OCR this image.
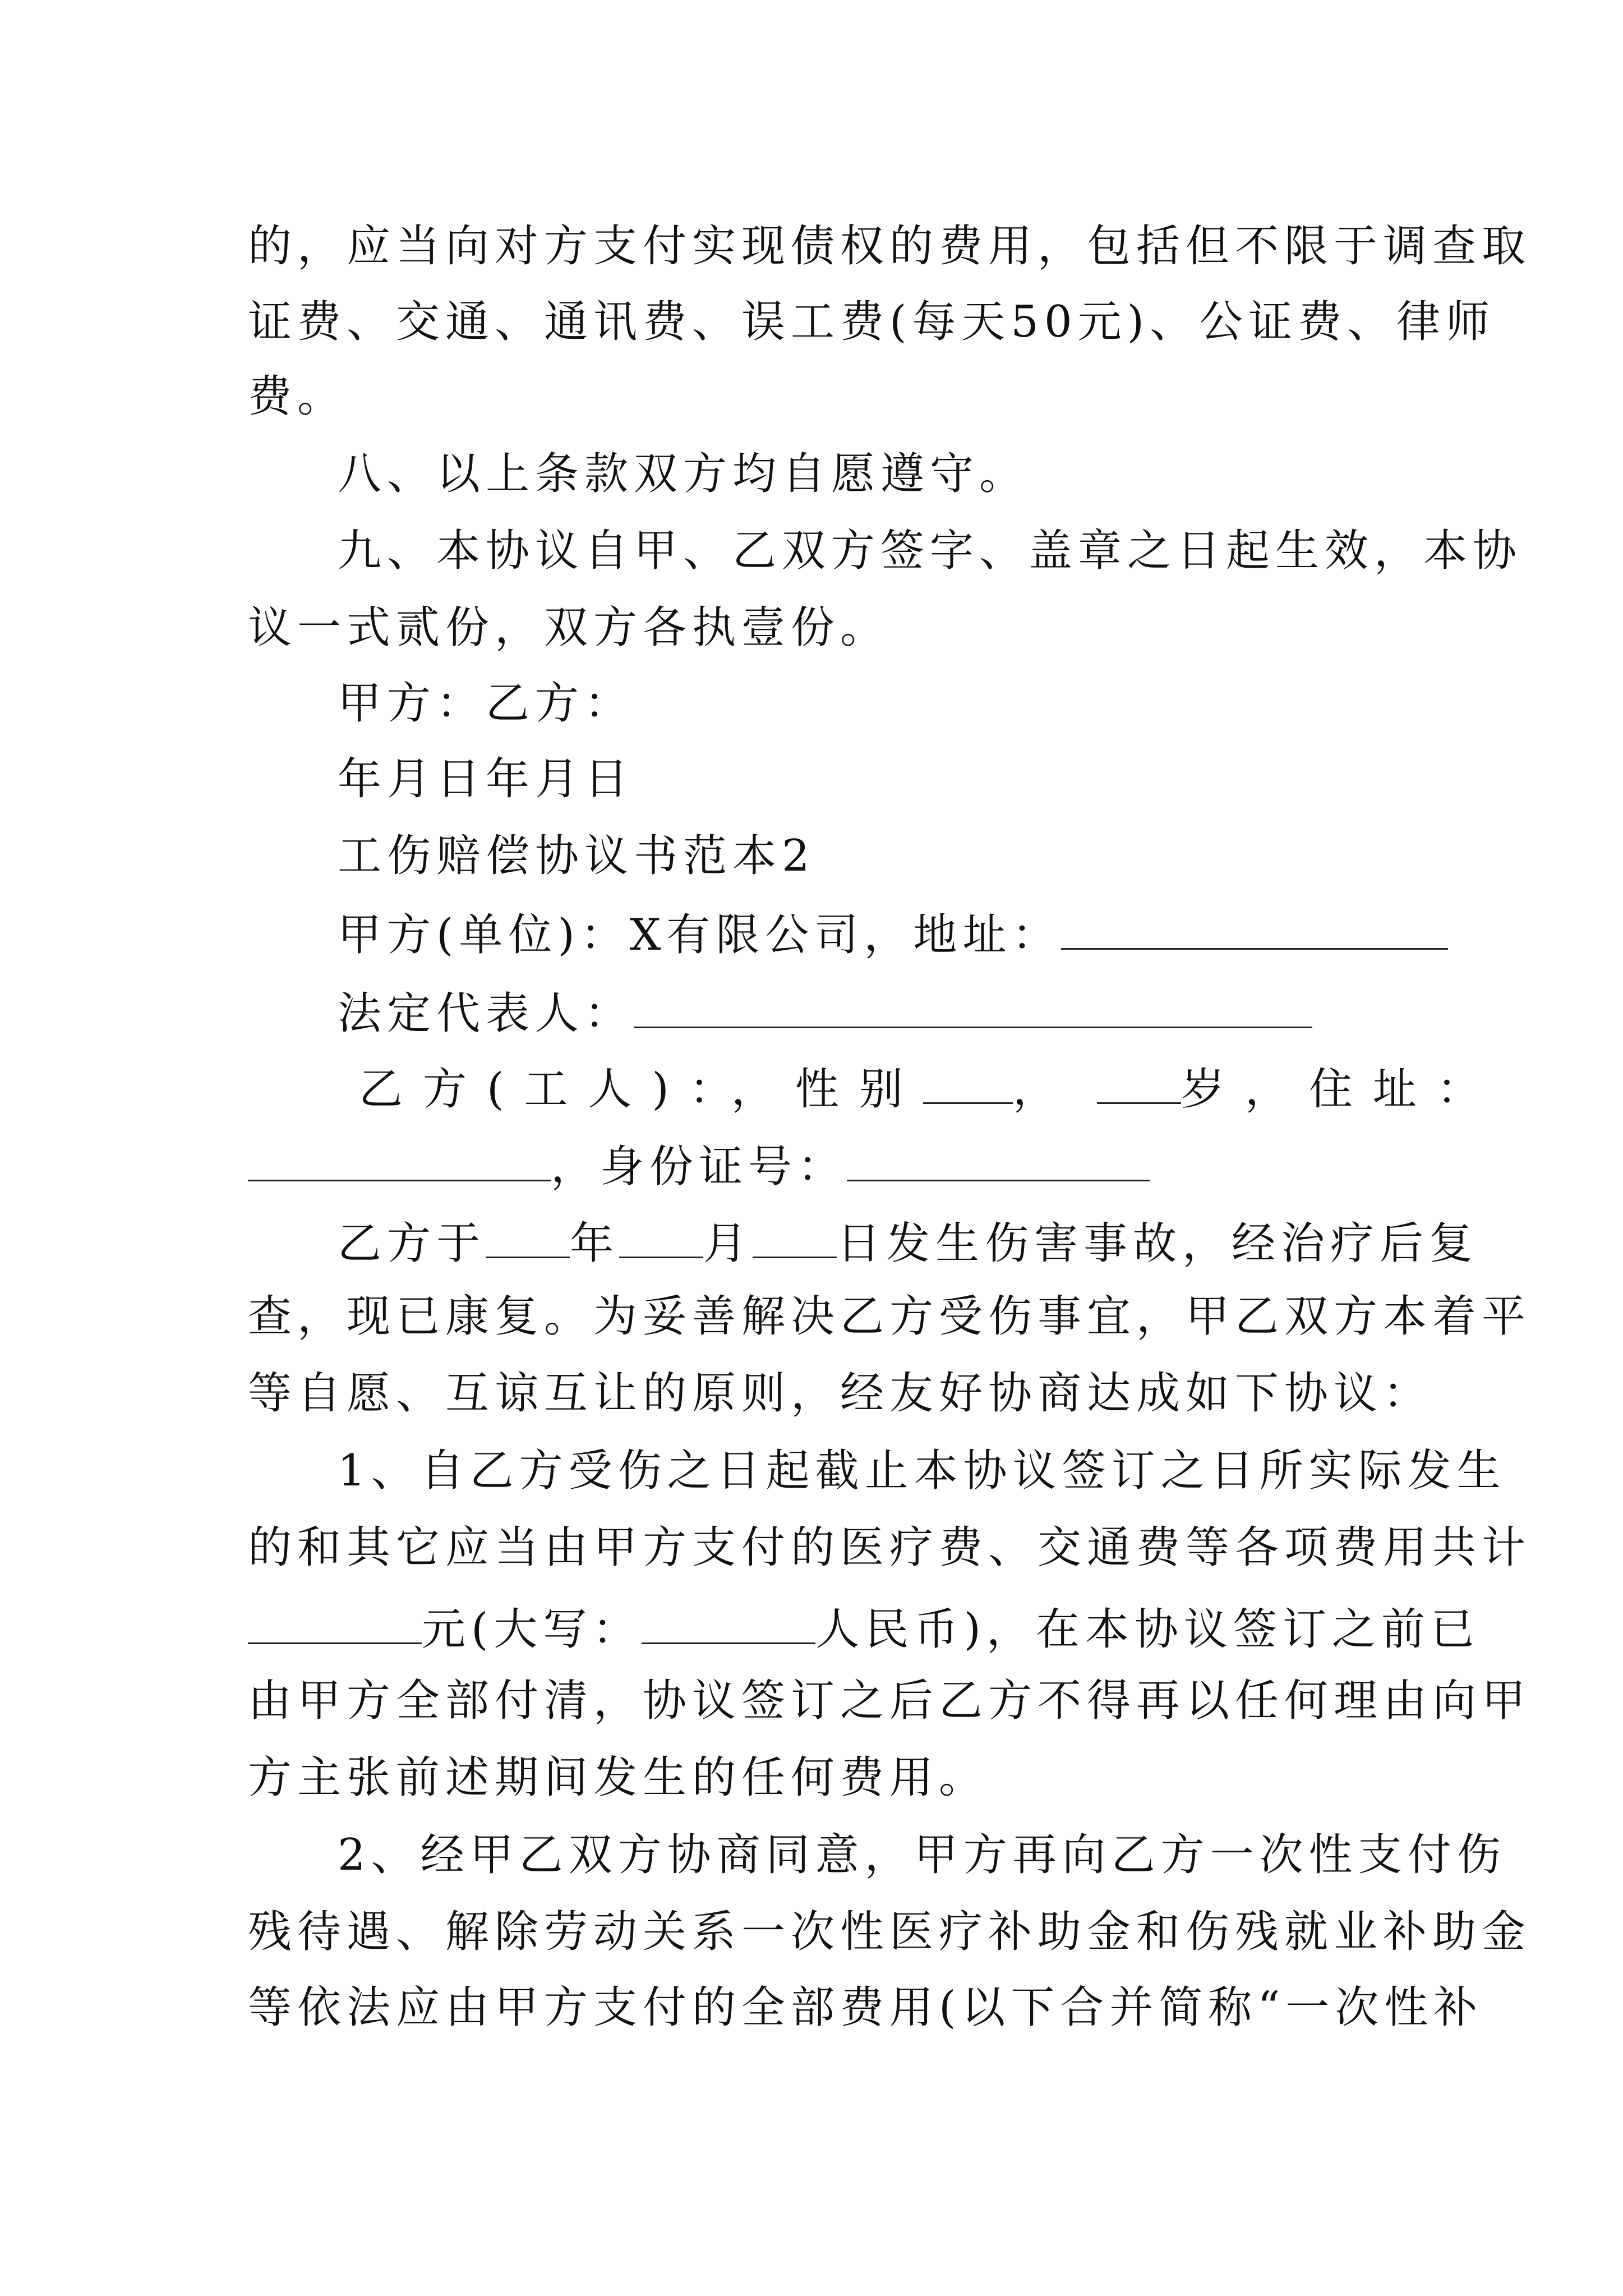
的，应当向对方支付实现债权的费用，包括但不限于调查取
证费、交通、通讯费、误工费(每天50元)、公证费、律师
费。
八、以上条款双方均自愿遵守。
九、本协议自甲、乙双方签字、盖章之日起生效，本协
议一式贰份，双方各执壹份。
甲方：乙方：
年月日年月日
工伤赔偿协议书范本2
甲方(单位)：X有限公司，地址：
法定代表人：
乙方(工人)：，性别 ， 岁，住址：
，身份证号：
乙方于 年 月 日发生伤害事故，经治疗后复
查，现已康复。为妥善解决乙方受伤事宜，甲乙双方本着平
等自愿、互谅互让的原则，经友好协商达成如下协议：
1、自乙方受伤之日起截止本协议签订之日所实际发生
的和其它应当由甲方支付的医疗费、交通费等各项费用共计
元(大写：	人民币)，在本协议签订之前已
由甲方全部付清，协议签订之后乙方不得再以任何理由向甲
方主张前述期间发生的任何费用。
2、经甲乙双方协商同意，甲方再向乙方一次性支付伤
残待遇、解除劳动关系一次性医疗补助金和伤残就业补助金
等依法应由甲方支付的全部费用(以下合并简称“一次性补
